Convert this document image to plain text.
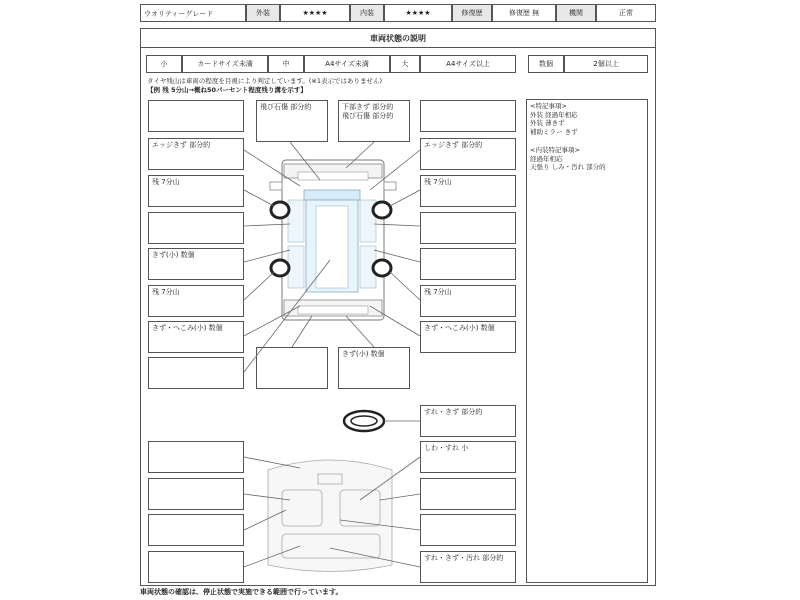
ウオリティーグレード	外装	★★★★	内装	★★★★	修復歴	修復歴 無	機関	正常
車両状態の説明
小	カードサイズ未満	中	A4サイズ未満	大	A4サイズ以上	数個	2個以上
タイヤ残山は車両の程度を目視により判定しています。(※1表示ではありません)
【例 残 5分山→概ね50パーセント程度残り溝を示す】
<特記事項>
外装 経過年相応
外装 薄きず
補助ミラー きず
<内装特記事項>
経過年相応
天張り しみ・汚れ 部分的
エッジきず 部分的
残 7分山
きず(小) 数個
残 7分山
きず・へこみ(小) 数個
飛び石傷 部分的	下部きず 部分的
飛び石傷 部分的
きず(小) 数個
エッジきず 部分的
残 7分山
残 7分山
きず・へこみ(小) 数個
すれ・きず 部分的
しわ・すれ 小
すれ・きず・汚れ 部分的
車両状態の確認は、停止状態で実施できる範囲で行っています。
